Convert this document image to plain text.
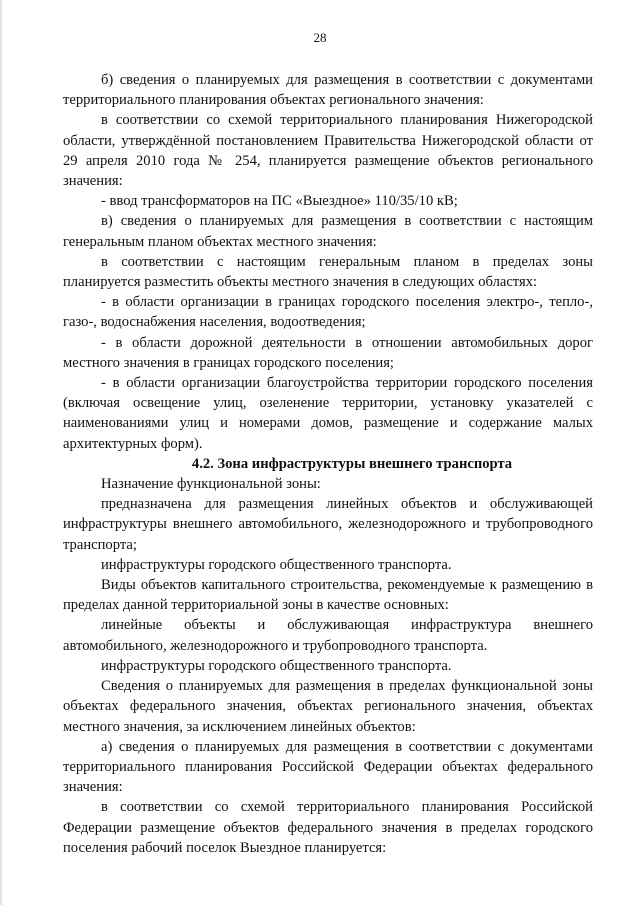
28

б) сведения о планируемых для размещения в соответствии с документами территориального планирования объектах регионального значения:

в соответствии со схемой территориального планирования Нижегородской области, утверждённой постановлением Правительства Нижегородской области от 29 апреля 2010 года № 254, планируется размещение объектов регионального значения:

- ввод трансформаторов на ПС «Выездное» 110/35/10 кВ;

в) сведения о планируемых для размещения в соответствии с настоящим генеральным планом объектах местного значения:

в соответствии с настоящим генеральным планом в пределах зоны планируется разместить объекты местного значения в следующих областях:

- в области организации в границах городского поселения электро-, тепло-, газо-, водоснабжения населения, водоотведения;

- в области дорожной деятельности в отношении автомобильных дорог местного значения в границах городского поселения;

- в области организации благоустройства территории городского поселения (включая освещение улиц, озеленение территории, установку указателей с наименованиями улиц и номерами домов, размещение и содержание малых архитектурных форм).

4.2. Зона инфраструктуры внешнего транспорта

Назначение функциональной зоны:

предназначена для размещения линейных объектов и обслуживающей инфраструктуры внешнего автомобильного, железнодорожного и трубопроводного транспорта;

инфраструктуры городского общественного транспорта.

Виды объектов капитального строительства, рекомендуемые к размещению в пределах данной территориальной зоны в качестве основных:

линейные объекты и обслуживающая инфраструктура внешнего автомобильного, железнодорожного и трубопроводного транспорта.

инфраструктуры городского общественного транспорта.

Сведения о планируемых для размещения в пределах функциональной зоны объектах федерального значения, объектах регионального значения, объектах местного значения, за исключением линейных объектов:

а) сведения о планируемых для размещения в соответствии с документами территориального планирования Российской Федерации объектах федерального значения:

в соответствии со схемой территориального планирования Российской Федерации размещение объектов федерального значения в пределах городского поселения рабочий поселок Выездное планируется:
